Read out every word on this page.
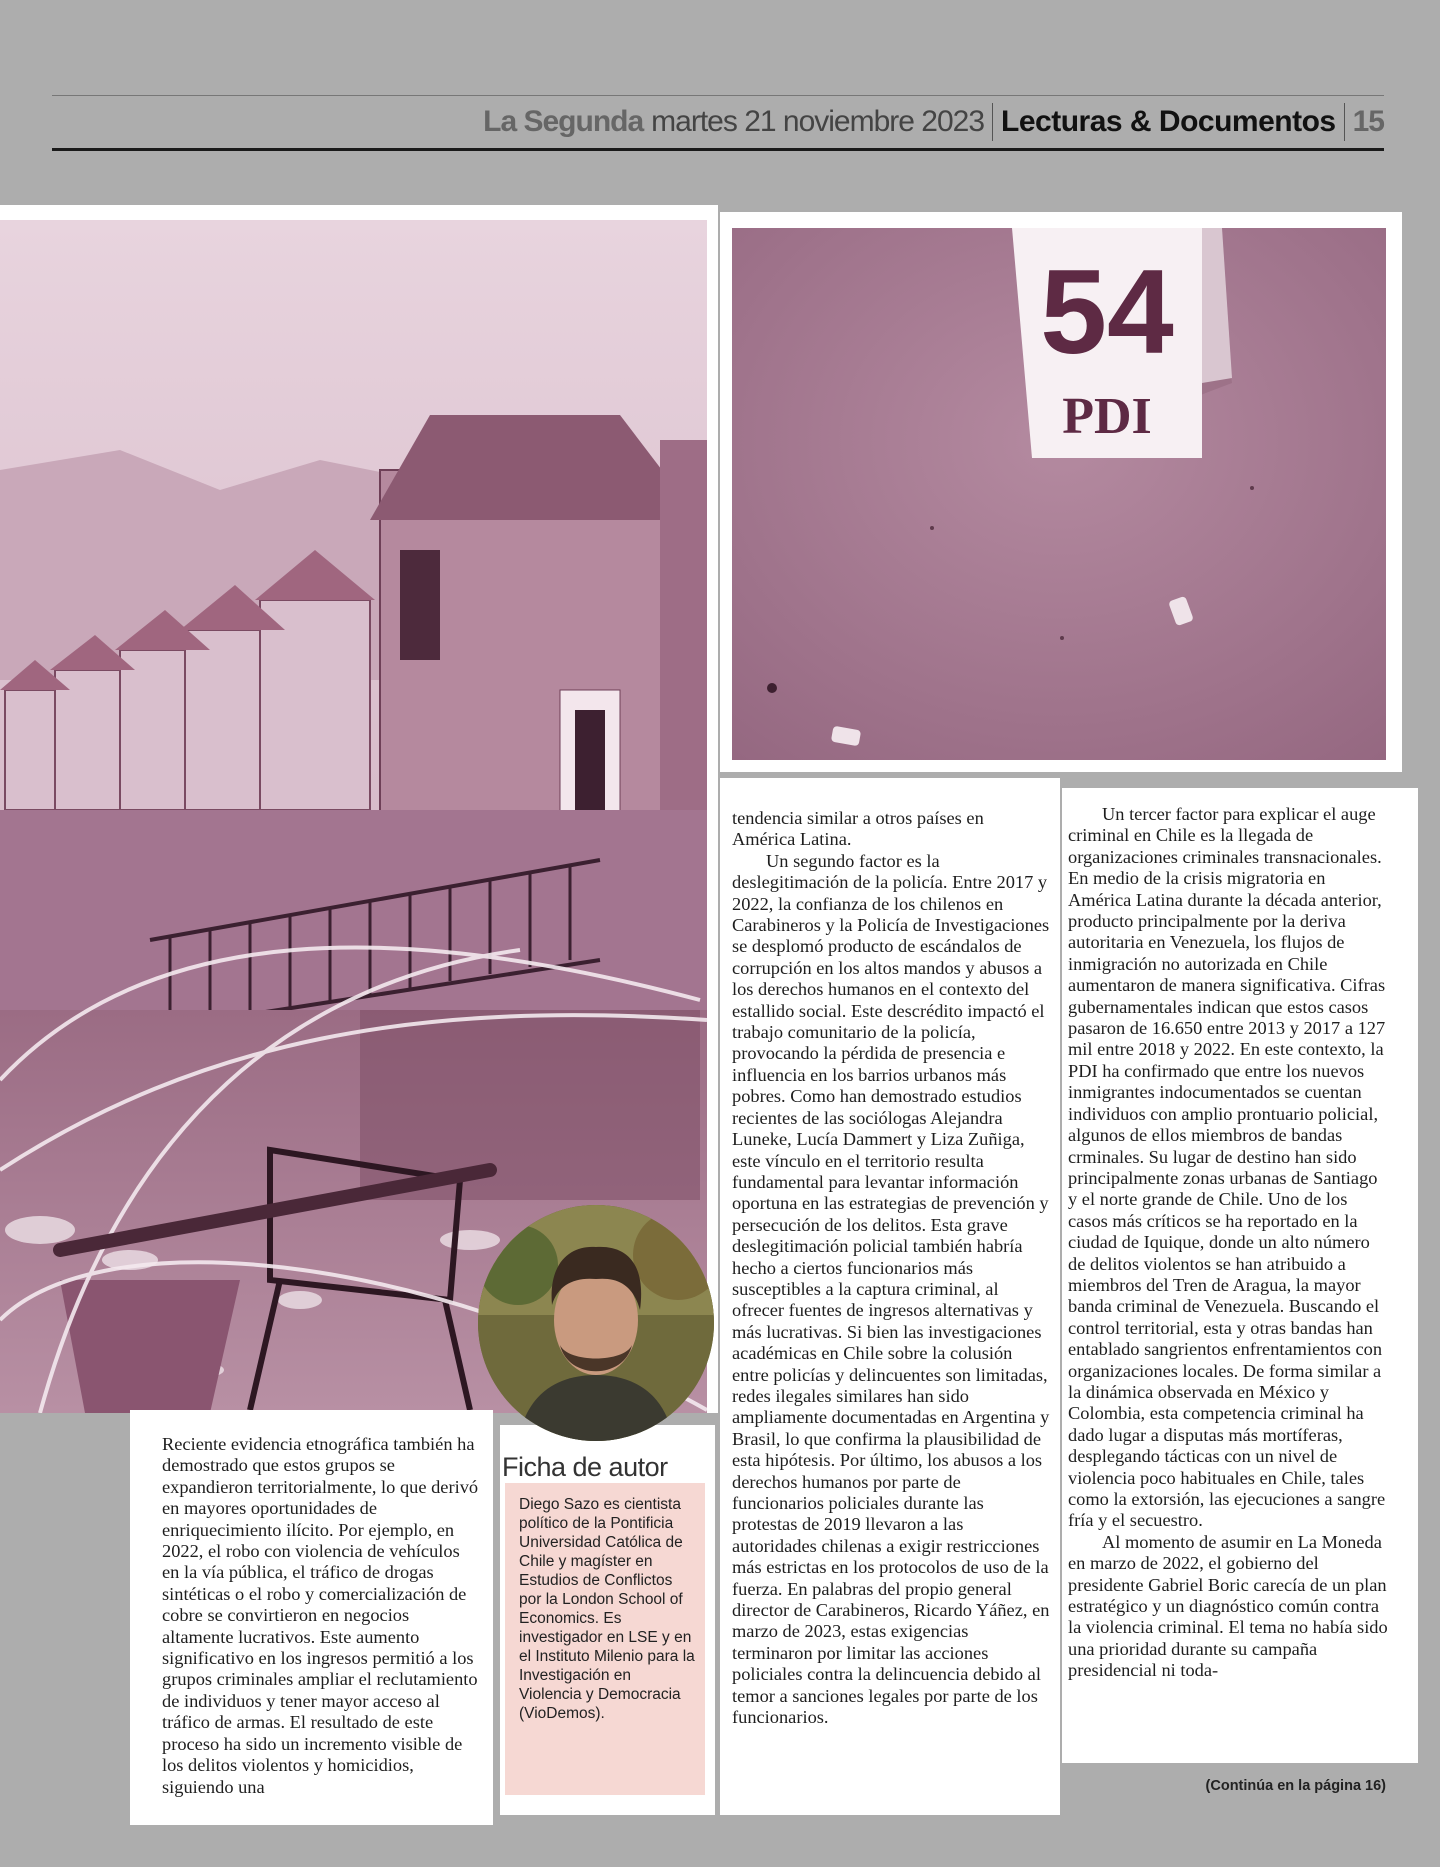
La Segunda martes 21 noviembre 2023 Lecturas & Documentos 15
54
PDI

Reciente evidencia etnográfica también ha demostrado que estos grupos se expandieron territorialmente, lo que derivó en mayores oportunidades de enriquecimiento ilícito. Por ejemplo, en 2022, el robo con violencia de vehículos en la vía pública, el tráfico de drogas sintéticas o el robo y comercialización de cobre se convirtieron en negocios altamente lucrativos. Este aumento significativo en los ingresos permitió a los grupos criminales ampliar el reclutamiento de individuos y tener mayor acceso al tráfico de armas. El resultado de este proceso ha sido un incremento visible de los delitos violentos y homicidios, siguiendo una

Ficha de autor
Diego Sazo es cientista político de la Pontificia Universidad Católica de Chile y magíster en Estudios de Conflictos por la London School of Economics. Es investigador en LSE y en el Instituto Milenio para la Investigación en Violencia y Democracia (VioDemos).

tendencia similar a otros países en América Latina.

Un segundo factor es la deslegitimación de la policía. Entre 2017 y 2022, la confianza de los chilenos en Carabineros y la Policía de Investigaciones se desplomó producto de escándalos de corrupción en los altos mandos y abusos a los derechos humanos en el contexto del estallido social. Este descrédito impactó el trabajo comunitario de la policía, provocando la pérdida de presencia e influencia en los barrios urbanos más pobres. Como han demostrado estudios recientes de las sociólogas Alejandra Luneke, Lucía Dammert y Liza Zuñiga, este vínculo en el territorio resulta fundamental para levantar información oportuna en las estrategias de prevención y persecución de los delitos. Esta grave deslegitimación policial también habría hecho a ciertos funcionarios más susceptibles a la captura criminal, al ofrecer fuentes de ingresos alternativas y más lucrativas. Si bien las investigaciones académicas en Chile sobre la colusión entre policías y delincuentes son limitadas, redes ilegales similares han sido ampliamente documentadas en Argentina y Brasil, lo que confirma la plausibilidad de esta hipótesis. Por último, los abusos a los derechos humanos por parte de funcionarios policiales durante las protestas de 2019 llevaron a las autoridades chilenas a exigir restricciones más estrictas en los protocolos de uso de la fuerza. En palabras del propio general director de Carabineros, Ricardo Yáñez, en marzo de 2023, estas exigencias terminaron por limitar las acciones policiales contra la delincuencia debido al temor a sanciones legales por parte de los funcionarios.

Un tercer factor para explicar el auge criminal en Chile es la llegada de organizaciones criminales transnacionales. En medio de la crisis migratoria en América Latina durante la década anterior, producto principalmente por la deriva autoritaria en Venezuela, los flujos de inmigración no autorizada en Chile aumentaron de manera significativa. Cifras gubernamentales indican que estos casos pasaron de 16.650 entre 2013 y 2017 a 127 mil entre 2018 y 2022. En este contexto, la PDI ha confirmado que entre los nuevos inmigrantes indocumentados se cuentan individuos con amplio prontuario policial, algunos de ellos miembros de bandas crminales. Su lugar de destino han sido principalmente zonas urbanas de Santiago y el norte grande de Chile. Uno de los casos más críticos se ha reportado en la ciudad de Iquique, donde un alto número de delitos violentos se han atribuido a miembros del Tren de Aragua, la mayor banda criminal de Venezuela. Buscando el control territorial, esta y otras bandas han entablado sangrientos enfrentamientos con organizaciones locales. De forma similar a la dinámica observada en México y Colombia, esta competencia criminal ha dado lugar a disputas más mortíferas, desplegando tácticas con un nivel de violencia poco habituales en Chile, tales como la extorsión, las ejecuciones a sangre fría y el secuestro.

Al momento de asumir en La Moneda en marzo de 2022, el gobierno del presidente Gabriel Boric carecía de un plan estratégico y un diagnóstico común contra la violencia criminal. El tema no había sido una prioridad durante su campaña presidencial ni toda-

(Continúa en la página 16)
